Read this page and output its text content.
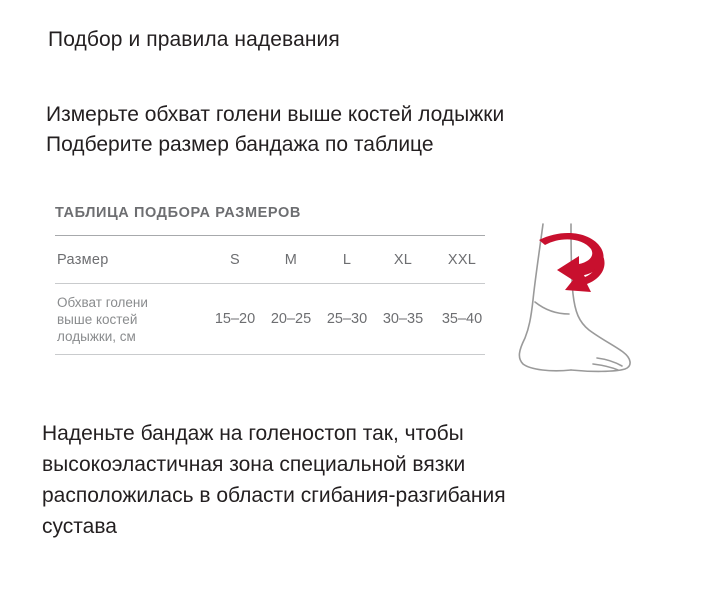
Подбор и правила надевания
Измерьте обхват голени выше костей лодыжки
Подберите размер бандажа по таблице
ТАБЛИЦА ПОДБОРА РАЗМЕРОВ
Размер	S	M	L	XL	XXL
Обхват голени
выше костей
лодыжки, см
	15–20	20–25	25–30	30–35	35–40
Наденьте бандаж на голеностоп так, чтобы
высокоэластичная зона специальной вязки
расположилась в области сгибания-разгибания
сустава
